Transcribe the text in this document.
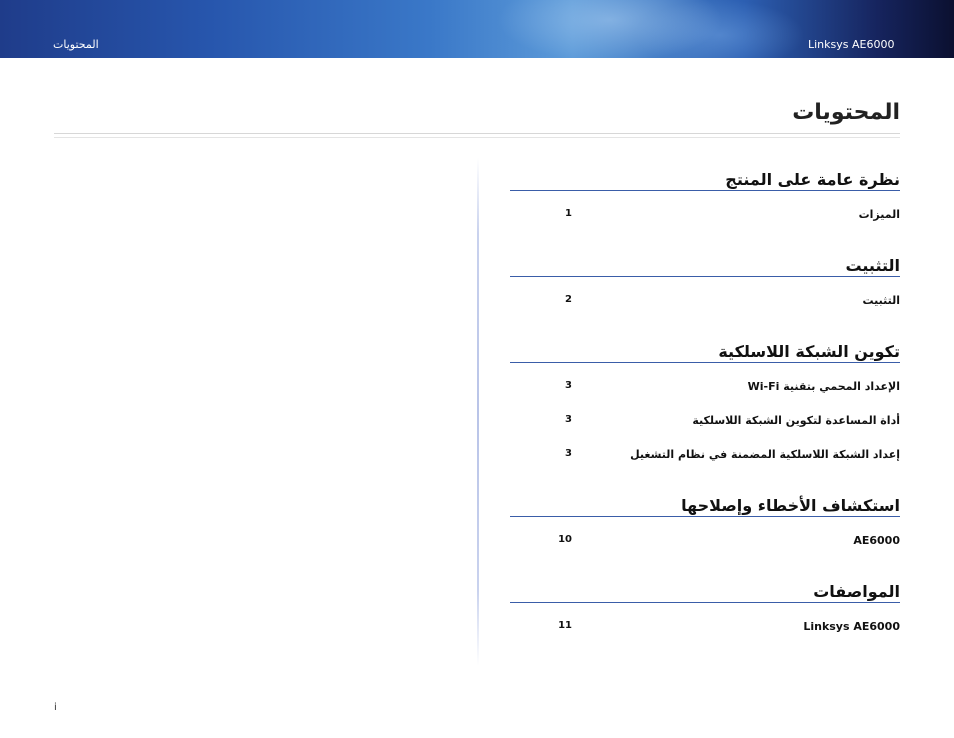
المحتويات	Linksys AE6000
المحتويات
نظرة عامة على المنتج
الميزات
1
التثبيت
التثبيت
2
تكوين الشبكة اللاسلكية
الإعداد المحمي بتقنية Wi-Fi
3
أداة المساعدة لتكوين الشبكة اللاسلكية
3
إعداد الشبكة اللاسلكية المضمنة في نظام التشغيل
3
استكشاف الأخطاء وإصلاحها
AE6000
10
المواصفات
Linksys AE6000
11
i
